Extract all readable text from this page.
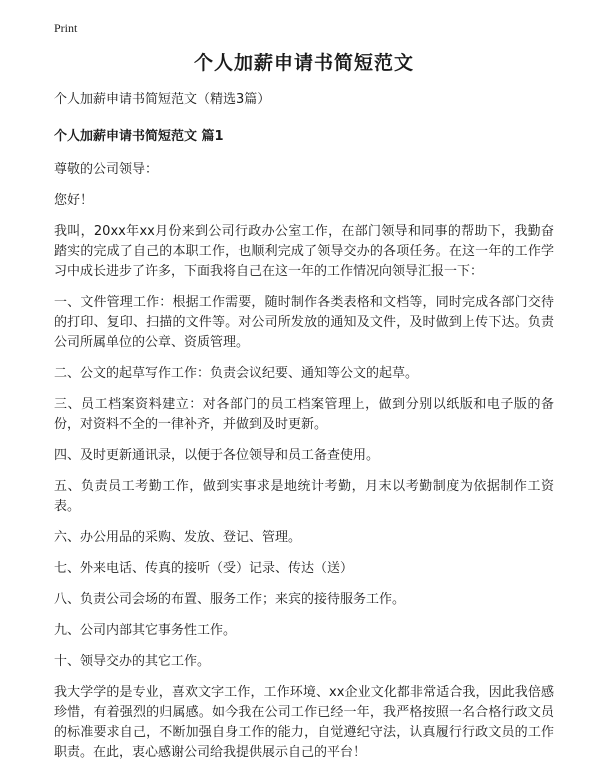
Print
个人加薪申请书简短范文

个人加薪申请书简短范文（精选3篇）

个人加薪申请书简短范文 篇1

尊敬的公司领导：

您好！

我叫，20xx年xx月份来到公司行政办公室工作，在部门领导和同事的帮助下，我勤奋踏实的完成了自己的本职工作，也顺利完成了领导交办的各项任务。在这一年的工作学习中成长进步了许多，下面我将自己在这一年的工作情况向领导汇报一下：

一、文件管理工作：根据工作需要，随时制作各类表格和文档等，同时完成各部门交待的打印、复印、扫描的文件等。对公司所发放的通知及文件，及时做到上传下达。负责公司所属单位的公章、资质管理。

二、公文的起草写作工作：负责会议纪要、通知等公文的起草。

三、员工档案资料建立：对各部门的员工档案管理上，做到分别以纸版和电子版的备份，对资料不全的一律补齐，并做到及时更新。

四、及时更新通讯录，以便于各位领导和员工备查使用。

五、负责员工考勤工作，做到实事求是地统计考勤，月末以考勤制度为依据制作工资表。

六、办公用品的采购、发放、登记、管理。

七、外来电话、传真的接听（受）记录、传达（送）

八、负责公司会场的布置、服务工作；来宾的接待服务工作。

九、公司内部其它事务性工作。

十、领导交办的其它工作。

我大学学的是专业，喜欢文字工作，工作环境、xx企业文化都非常适合我，因此我倍感珍惜，有着强烈的归属感。如今我在公司工作已经一年，我严格按照一名合格行政文员的标准要求自己，不断加强自身工作的能力，自觉遵纪守法，认真履行行政文员的工作职责。在此，衷心感谢公司给我提供展示自己的平台！
